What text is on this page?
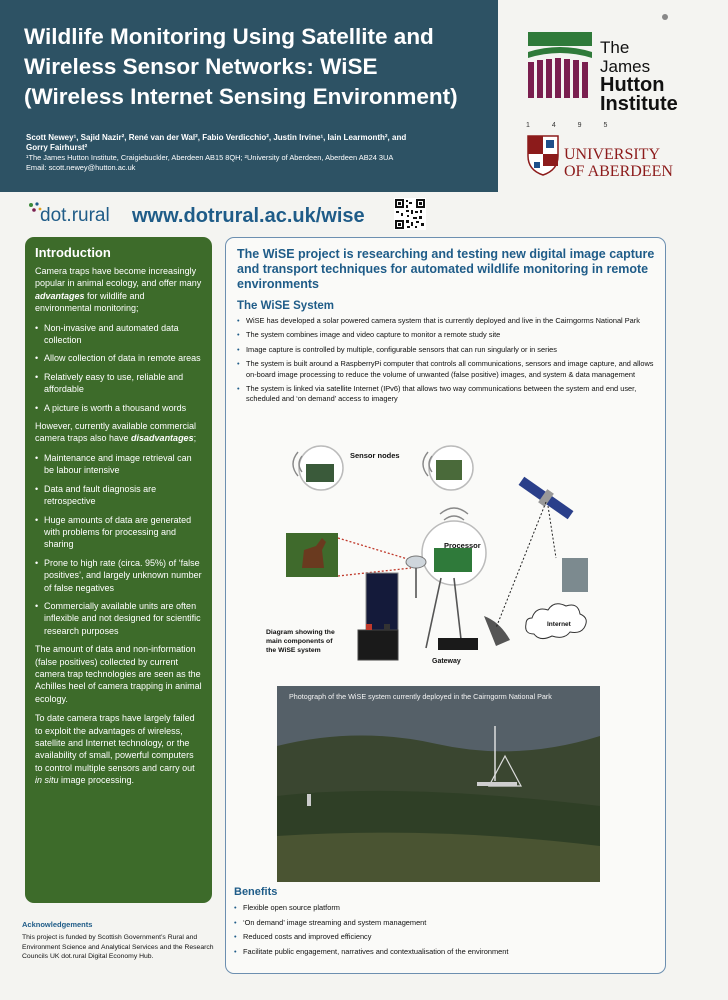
Wildlife Monitoring Using Satellite and
Wireless Sensor Networks: WiSE
(Wireless Internet Sensing Environment)
Scott Newey¹, Sajid Nazir², René van der Wal², Fabio Verdicchio², Justin Irvine¹, Iain Learmonth², and
Gorry Fairhurst²
¹The James Hutton Institute, Craigiebuckler, Aberdeen AB15 8QH; ²University of Aberdeen, Aberdeen AB24 3UA
Email: scott.newey@hutton.ac.uk
The James
Hutton
Institute
1 4 9 5
UNIVERSITY
OF ABERDEEN
dot.rural www.dotrural.ac.uk/wise
Introduction

Camera traps have become increasingly popular in animal ecology, and offer many advantages for wildlife and environmental monitoring;

• Non-invasive and automated data collection
• Allow collection of data in remote areas
• Relatively easy to use, reliable and affordable
• A picture is worth a thousand words

However, currently available commercial camera traps also have disadvantages;

• Maintenance and image retrieval can be labour intensive
• Data and fault diagnosis are retrospective
• Huge amounts of data are generated with problems for processing and sharing
• Prone to high rate (circa. 95%) of ‘false positives’, and largely unknown number of false negatives
• Commercially available units are often inflexible and not designed for scientific research purposes

The amount of data and non-information (false positives) collected by current camera trap technologies are seen as the Achilles heel of camera trapping in animal ecology.

To date camera traps have largely failed to exploit the advantages of wireless, satellite and Internet technology, or the availability of small, powerful computers to control multiple sensors and carry out in situ image processing.

Acknowledgements

This project is funded by Scottish Government’s Rural and Environment Science and Analytical Services and the Research Councils UK dot.rural Digital Economy Hub.

The WiSE project is researching and testing new digital image capture and transport techniques for automated wildlife monitoring in remote environments
The WiSE System
• WiSE has developed a solar powered camera system that is currently deployed and live in the Cairngorms National Park
• The system combines image and video capture to monitor a remote study site
• Image capture is controlled by multiple, configurable sensors that can run singularly or in series
• The system is built around a RaspberryPi computer that controls all communications, sensors and image capture, and allows on-board image processing to reduce the volume of unwanted (false positive) images, and system & data management
• The system is linked via satellite Internet (IPv6) that allows two way communications between the system and end user, scheduled and ‘on demand’ access to imagery
Sensor nodes
Processor
Gateway
Internet
Diagram showing the
main components of
the WiSE system
Photograph of the WiSE system currently deployed in the Cairngorm National Park
Benefits
• Flexible open source platform
• ‘On demand’ image streaming and system management
• Reduced costs and improved efficiency
• Facilitate public engagement, narratives and contextualisation of the environment
